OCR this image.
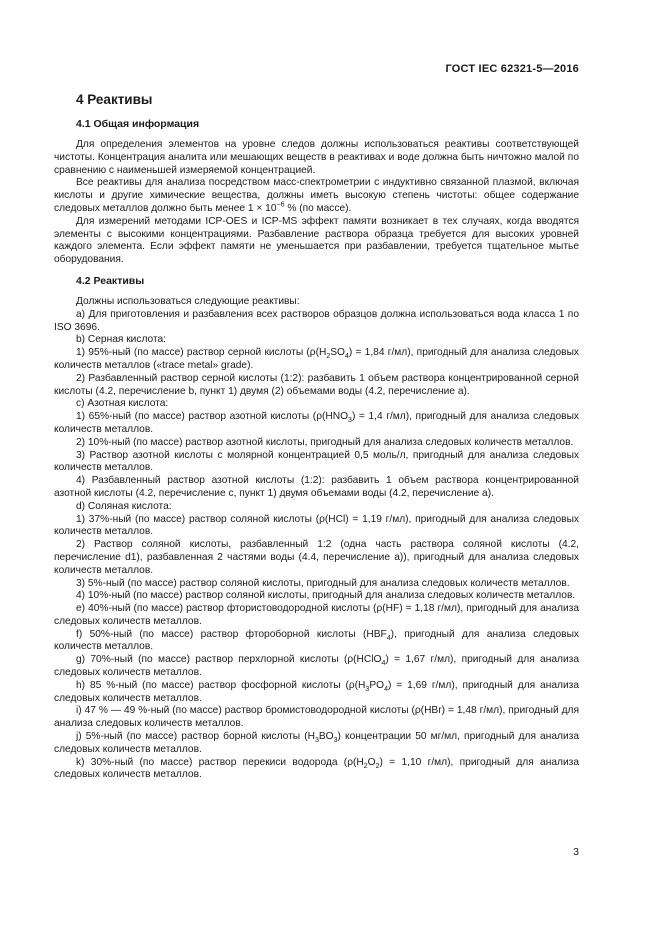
ГОСТ IEC 62321-5—2016
4 Реактивы
4.1 Общая информация

Для определения элементов на уровне следов должны использоваться реактивы соответствующей чистоты. Концентрация аналита или мешающих веществ в реактивах и воде должна быть ничтожно малой по сравнению с наименьшей измеряемой концентрацией.

Все реактивы для анализа посредством масс-спектрометрии с индуктивно связанной плазмой, включая кислоты и другие химические вещества, должны иметь высокую степень чистоты: общее содержание следовых металлов должно быть менее $1 \times 10^{-6}$ % (по массе).

Для измерений методами ICP-OES и ICP-MS эффект памяти возникает в тех случаях, когда вводятся элементы с высокими концентрациями. Разбавление раствора образца требуется для высоких уровней каждого элемента. Если эффект памяти не уменьшается при разбавлении, требуется тщательное мытье оборудования.

4.2 Реактивы

Должны использоваться следующие реактивы:

a) Для приготовления и разбавления всех растворов образцов должна использоваться вода класса 1 по ISO 3696.

b) Серная кислота:

1) 95%-ный (по массе) раствор серной кислоты ($\rho(H_2SO_4) = 1,84$ г/мл), пригодный для анализа следовых количеств металлов («trace metal» grade).

2) Разбавленный раствор серной кислоты (1:2): разбавить 1 объем раствора концентрированной серной кислоты (4.2, перечисление b, пункт 1) двумя (2) объемами воды (4.2, перечисление a).

c) Азотная кислота:

1) 65%-ный (по массе) раствор азотной кислоты ($\rho(HNO_3) = 1,4$ г/мл), пригодный для анализа следовых количеств металлов.

2) 10%-ный (по массе) раствор азотной кислоты, пригодный для анализа следовых количеств металлов.

3) Раствор азотной кислоты с молярной концентрацией 0,5 моль/л, пригодный для анализа следовых количеств металлов.

4) Разбавленный раствор азотной кислоты (1:2): разбавить 1 объем раствора концентрированной азотной кислоты (4.2, перечисление c, пункт 1) двумя объемами воды (4.2, перечисление a).

d) Соляная кислота:

1) 37%-ный (по массе) раствор соляной кислоты (ρ(HCl) = 1,19 г/мл), пригодный для анализа следовых количеств металлов.

2) Раствор соляной кислоты, разбавленный 1:2 (одна часть раствора соляной кислоты (4.2, перечисление d1), разбавленная 2 частями воды (4.4, перечисление a)), пригодный для анализа следовых количеств металлов.

3) 5%-ный (по массе) раствор соляной кислоты, пригодный для анализа следовых количеств металлов.

4) 10%-ный (по массе) раствор соляной кислоты, пригодный для анализа следовых количеств металлов.

e) 40%-ный (по массе) раствор фтористоводородной кислоты (ρ(HF) = 1,18 г/мл), пригодный для анализа следовых количеств металлов.

f) 50%-ный (по массе) раствор фтороборной кислоты $(HBF_4)$, пригодный для анализа следовых количеств металлов.

g) 70%-ный (по массе) раствор перхлорной кислоты (ρ(HClO$_4$) = 1,67 г/мл), пригодный для анализа следовых количеств металлов.

h) 85 %-ный (по массе) раствор фосфорной кислоты ($\rho(H_3PO_4) = 1,69$ г/мл), пригодный для анализа следовых количеств металлов.

i) 47 % — 49 %-ный (по массе) раствор бромистоводородной кислоты (ρ(HBr) = 1,48 г/мл), пригодный для анализа следовых количеств металлов.

j) 5%-ный (по массе) раствор борной кислоты $(H_3BO_3)$ концентрации 50 мг/мл, пригодный для анализа следовых количеств металлов.

k) 30%-ный (по массе) раствор перекиси водорода ($\rho(H_2O_2) = 1,10$ г/мл), пригодный для анализа следовых количеств металлов.

3
